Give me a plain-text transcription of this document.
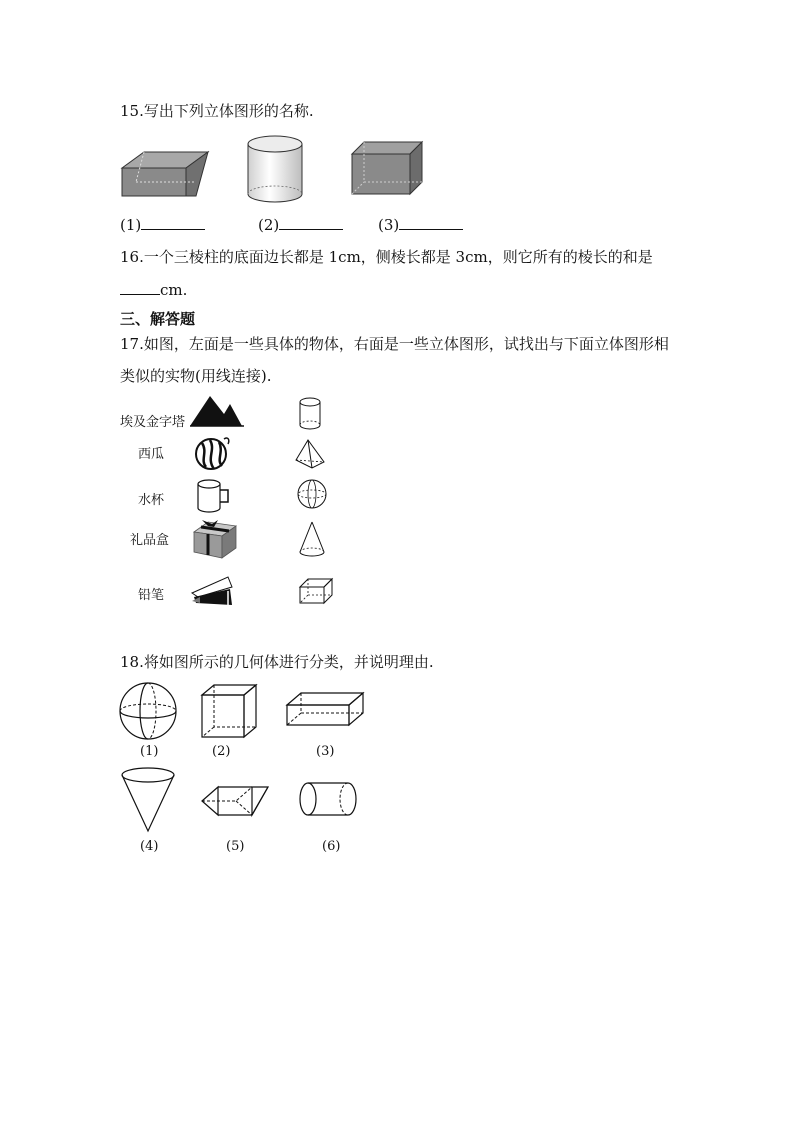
15.写出下列立体图形的名称.
(1)	(2)	(3)
16.一个三棱柱的底面边长都是 1cm，侧棱长都是 3cm，则它所有的棱长的和是
cm.
三、解答题
17.如图，左面是一些具体的物体，右面是一些立体图形，试找出与下面立体图形相
类似的实物(用线连接).
埃及金字塔
西瓜
水杯
礼品盒
铅笔
18.将如图所示的几何体进行分类，并说明理由.
(1)	(2)	(3)
(4)	(5)	(6)
